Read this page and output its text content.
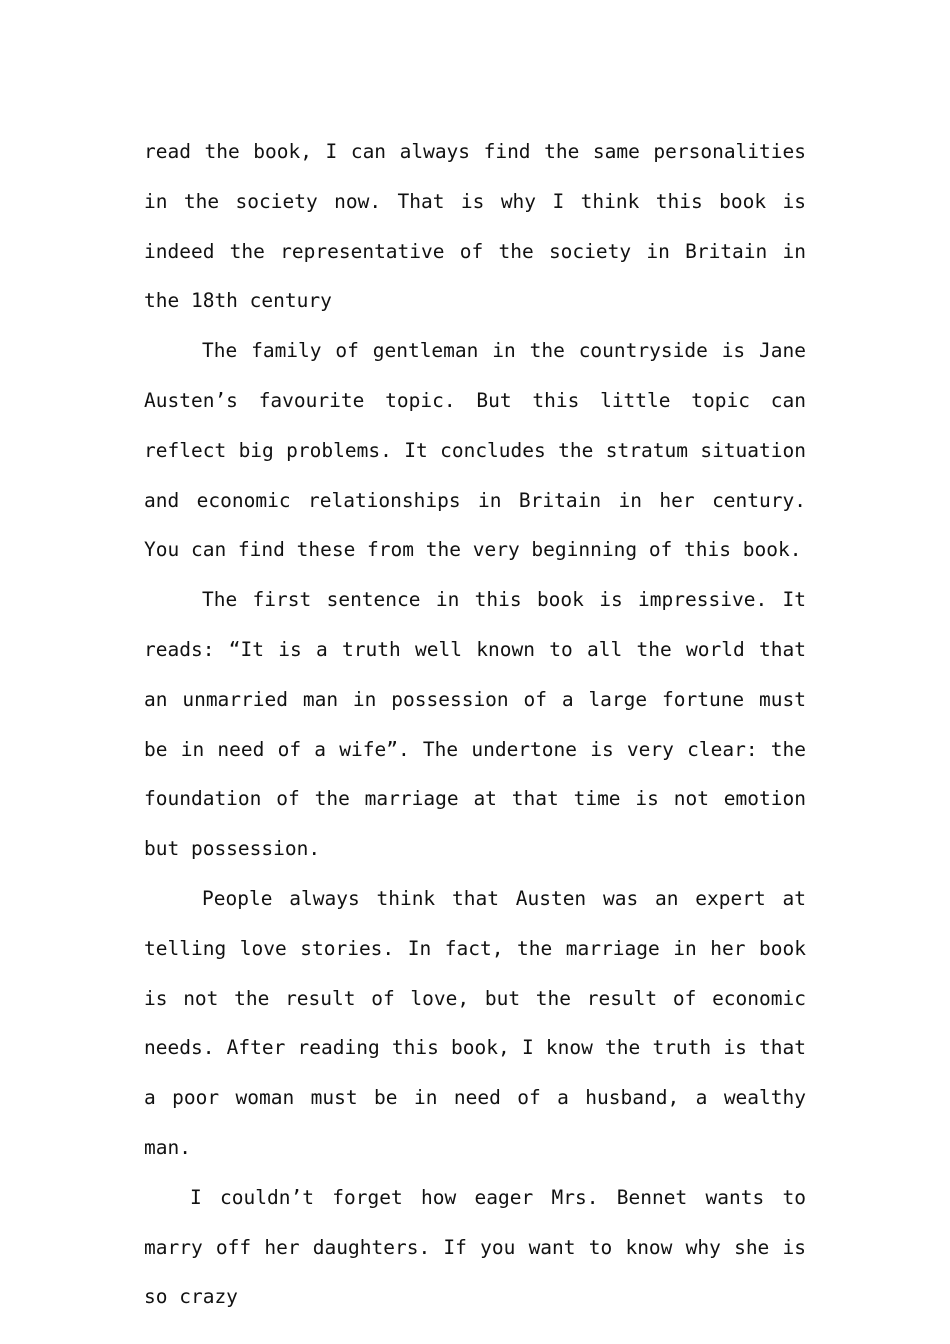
read the book, I can always find the same personalities in the society now. That is why I think this book is indeed the representative of the society in Britain in the 18th century

The family of gentleman in the countryside is Jane Austen’s favourite topic. But this little topic can reflect big problems. It concludes the stratum situation and economic relationships in Britain in her century. You can find these from the very beginning of this book.

The first sentence in this book is impressive. It reads: “It is a truth well known to all the world that an unmarried man in possession of a large fortune must be in need of a wife”. The undertone is very clear: the foundation of the marriage at that time is not emotion but possession.

People always think that Austen was an expert at telling love stories. In fact, the marriage in her book is not the result of love, but the result of economic needs. After reading this book, I know the truth is that a poor woman must be in need of a husband, a wealthy man.

I couldn’t forget how eager Mrs. Bennet wants to marry off her daughters. If you want to know why she is so crazy
